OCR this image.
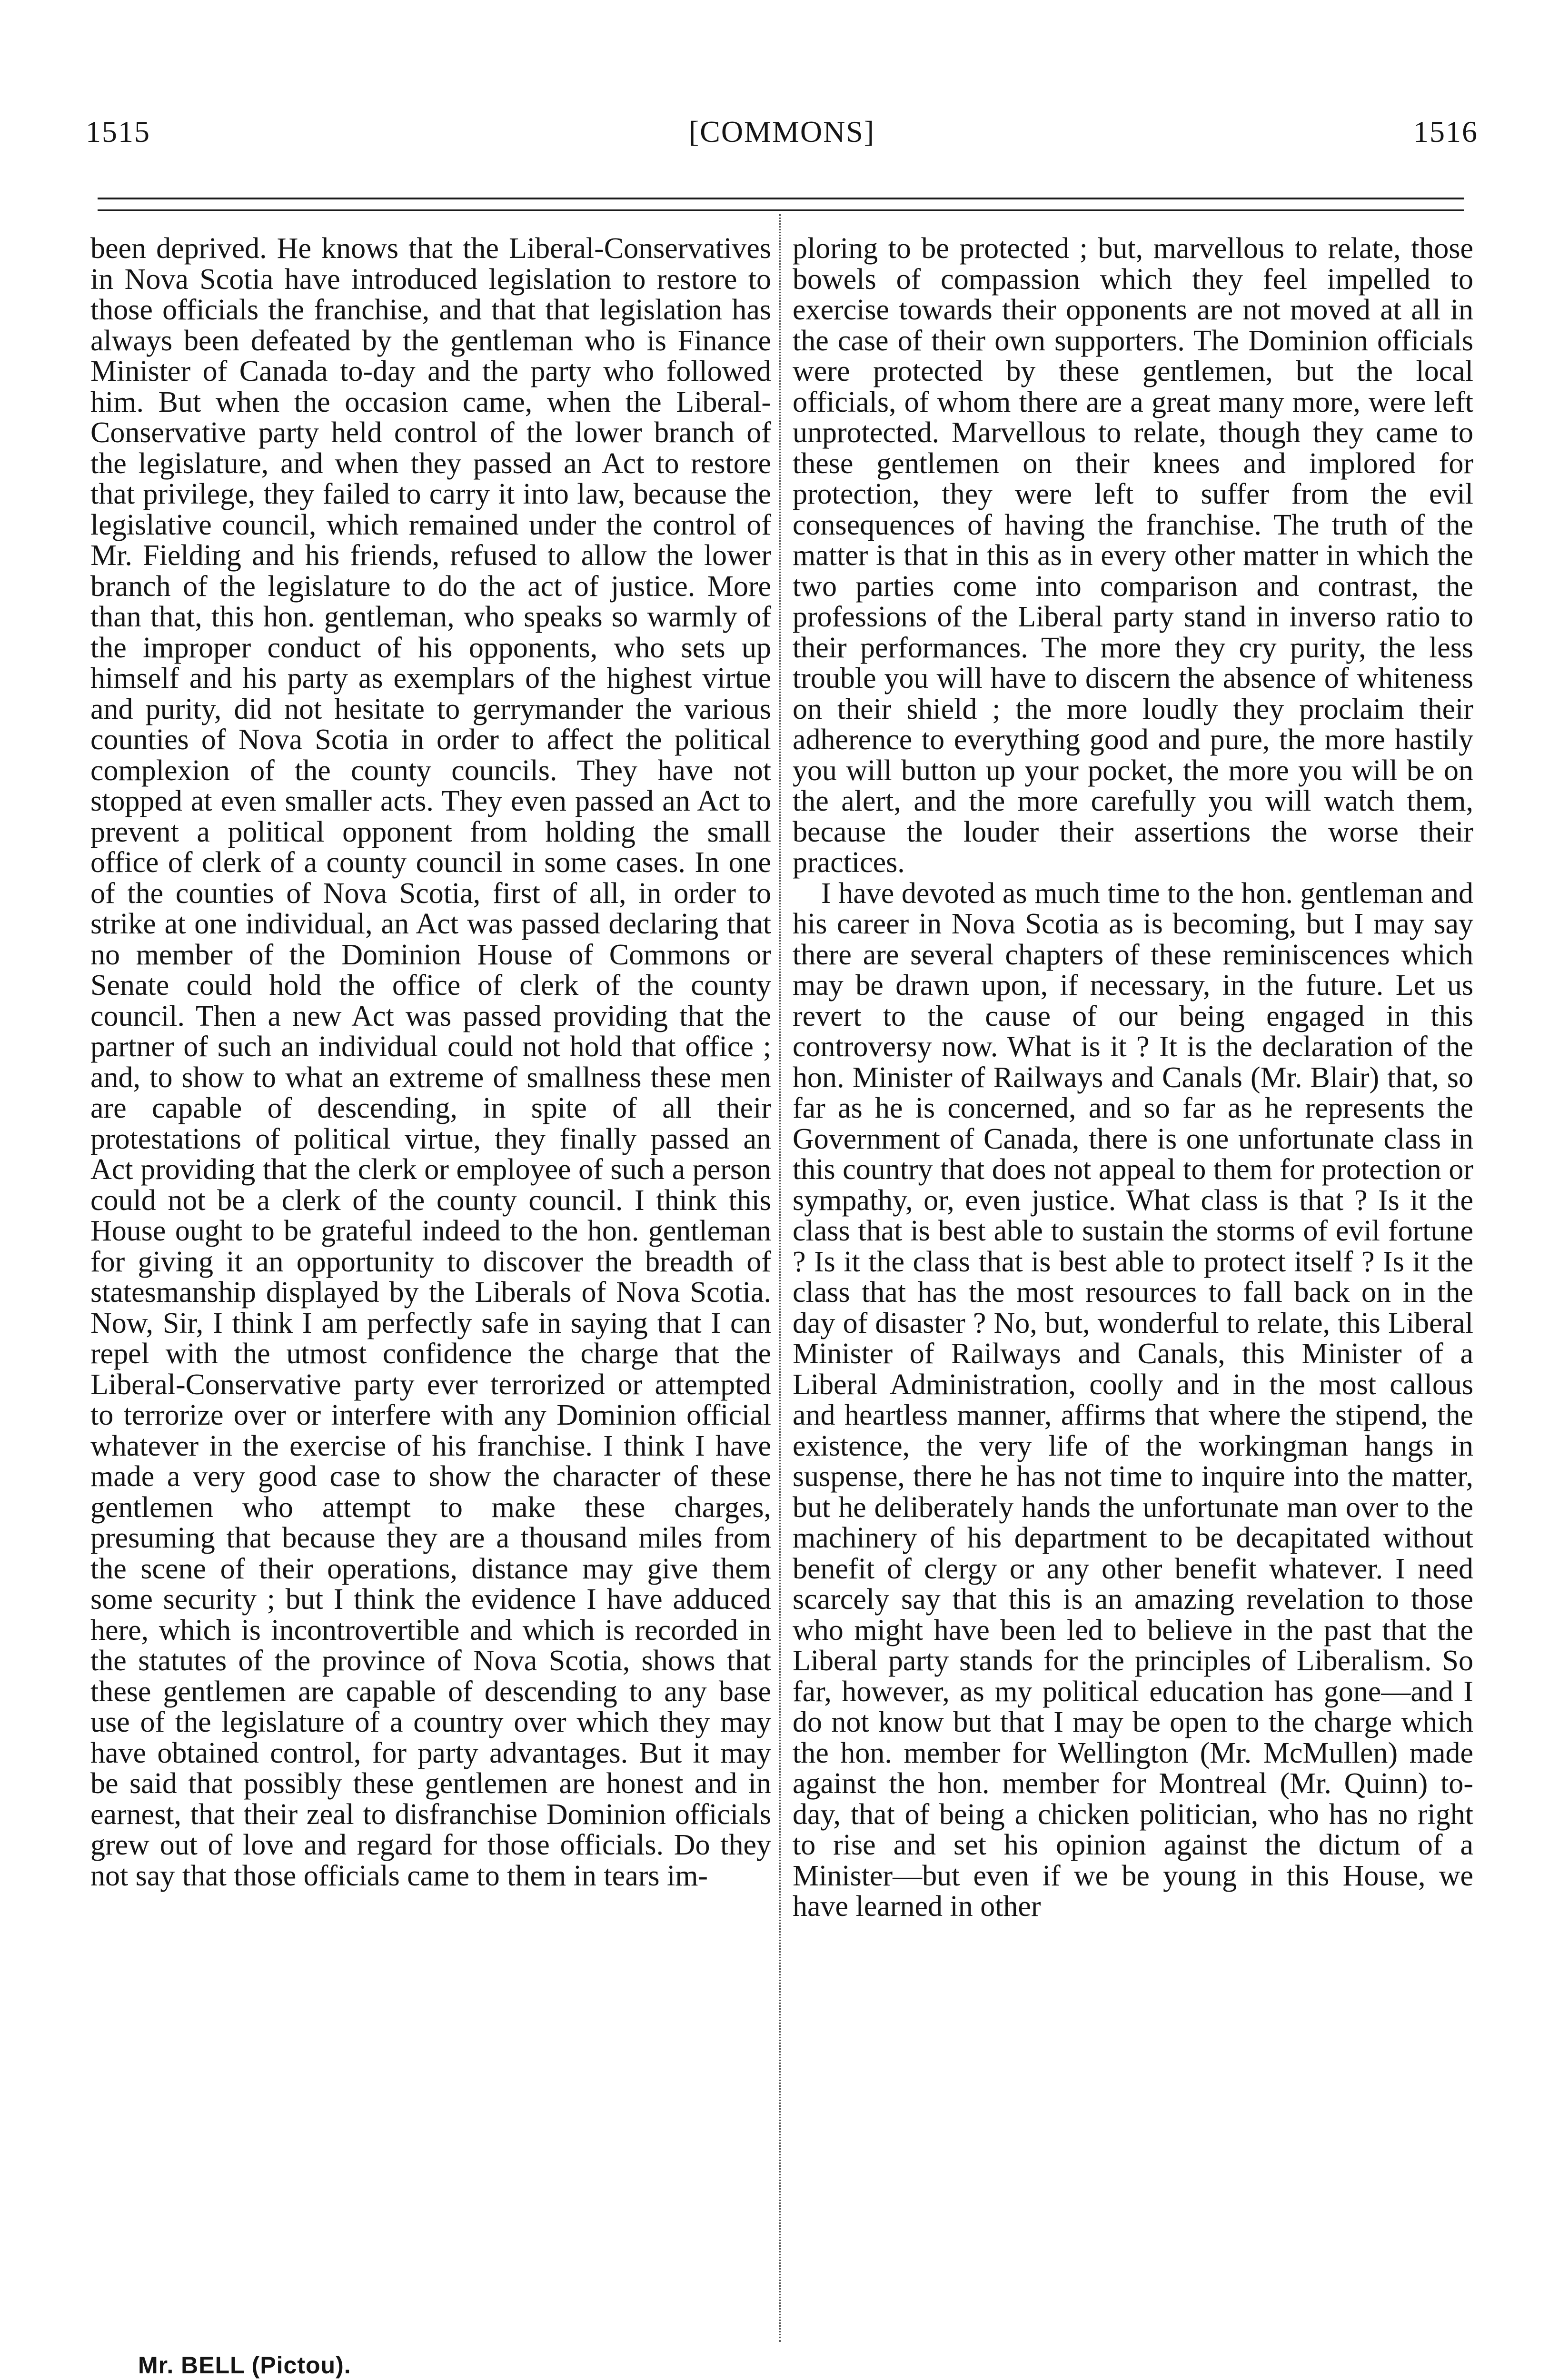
1515	[COMMONS]	1516

been deprived. He knows that the Liberal-Conservatives in Nova Scotia have introduced legislation to restore to those officials the franchise, and that that legislation has always been defeated by the gentleman who is Finance Minister of Canada to-day and the party who followed him. But when the occasion came, when the Liberal-Conservative party held control of the lower branch of the legislature, and when they passed an Act to restore that privilege, they failed to carry it into law, because the legislative council, which remained under the control of Mr. Fielding and his friends, refused to allow the lower branch of the legislature to do the act of justice. More than that, this hon. gentleman, who speaks so warmly of the improper conduct of his opponents, who sets up himself and his party as exemplars of the highest virtue and purity, did not hesitate to gerrymander the various counties of Nova Scotia in order to affect the political complexion of the county councils. They have not stopped at even smaller acts. They even passed an Act to prevent a political opponent from holding the small office of clerk of a county council in some cases. In one of the counties of Nova Scotia, first of all, in order to strike at one individual, an Act was passed declaring that no member of the Dominion House of Commons or Senate could hold the office of clerk of the county council. Then a new Act was passed providing that the partner of such an individual could not hold that office ; and, to show to what an extreme of smallness these men are capable of descending, in spite of all their protestations of political virtue, they finally passed an Act providing that the clerk or employee of such a person could not be a clerk of the county council. I think this House ought to be grateful indeed to the hon. gentleman for giving it an opportunity to discover the breadth of statesmanship displayed by the Liberals of Nova Scotia. Now, Sir, I think I am perfectly safe in saying that I can repel with the utmost confidence the charge that the Liberal-Conservative party ever terrorized or attempted to terrorize over or interfere with any Dominion official whatever in the exercise of his franchise. I think I have made a very good case to show the character of these gentlemen who attempt to make these charges, presuming that because they are a thousand miles from the scene of their operations, distance may give them some security ; but I think the evidence I have adduced here, which is incontrovertible and which is recorded in the statutes of the province of Nova Scotia, shows that these gentlemen are capable of descending to any base use of the legislature of a country over which they may have obtained control, for party advantages. But it may be said that possibly these gentlemen are honest and in earnest, that their zeal to disfranchise Dominion officials grew out of love and regard for those officials. Do they not say that those officials came to them in tears im-

ploring to be protected ; but, marvellous to relate, those bowels of compassion which they feel impelled to exercise towards their opponents are not moved at all in the case of their own supporters. The Dominion officials were protected by these gentlemen, but the local officials, of whom there are a great many more, were left unprotected. Marvellous to relate, though they came to these gentlemen on their knees and implored for protection, they were left to suffer from the evil consequences of having the franchise. The truth of the matter is that in this as in every other matter in which the two parties come into comparison and contrast, the professions of the Liberal party stand in inverso ratio to their performances. The more they cry purity, the less trouble you will have to discern the absence of whiteness on their shield ; the more loudly they proclaim their adherence to everything good and pure, the more hastily you will button up your pocket, the more you will be on the alert, and the more carefully you will watch them, because the louder their assertions the worse their practices.

I have devoted as much time to the hon. gentleman and his career in Nova Scotia as is becoming, but I may say there are several chapters of these reminiscences which may be drawn upon, if necessary, in the future. Let us revert to the cause of our being engaged in this controversy now. What is it ? It is the declaration of the hon. Minister of Railways and Canals (Mr. Blair) that, so far as he is concerned, and so far as he represents the Government of Canada, there is one unfortunate class in this country that does not appeal to them for protection or sympathy, or, even justice. What class is that ? Is it the class that is best able to sustain the storms of evil fortune ? Is it the class that is best able to protect itself ? Is it the class that has the most resources to fall back on in the day of disaster ? No, but, wonderful to relate, this Liberal Minister of Railways and Canals, this Minister of a Liberal Administration, coolly and in the most callous and heartless manner, affirms that where the stipend, the existence, the very life of the workingman hangs in suspense, there he has not time to inquire into the matter, but he deliberately hands the unfortunate man over to the machinery of his department to be decapitated without benefit of clergy or any other benefit whatever. I need scarcely say that this is an amazing revelation to those who might have been led to believe in the past that the Liberal party stands for the principles of Liberalism. So far, however, as my political education has gone—and I do not know but that I may be open to the charge which the hon. member for Wellington (Mr. McMullen) made against the hon. member for Montreal (Mr. Quinn) to-day, that of being a chicken politician, who has no right to rise and set his opinion against the dictum of a Minister—but even if we be young in this House, we have learned in other

Mr. BELL (Pictou).
